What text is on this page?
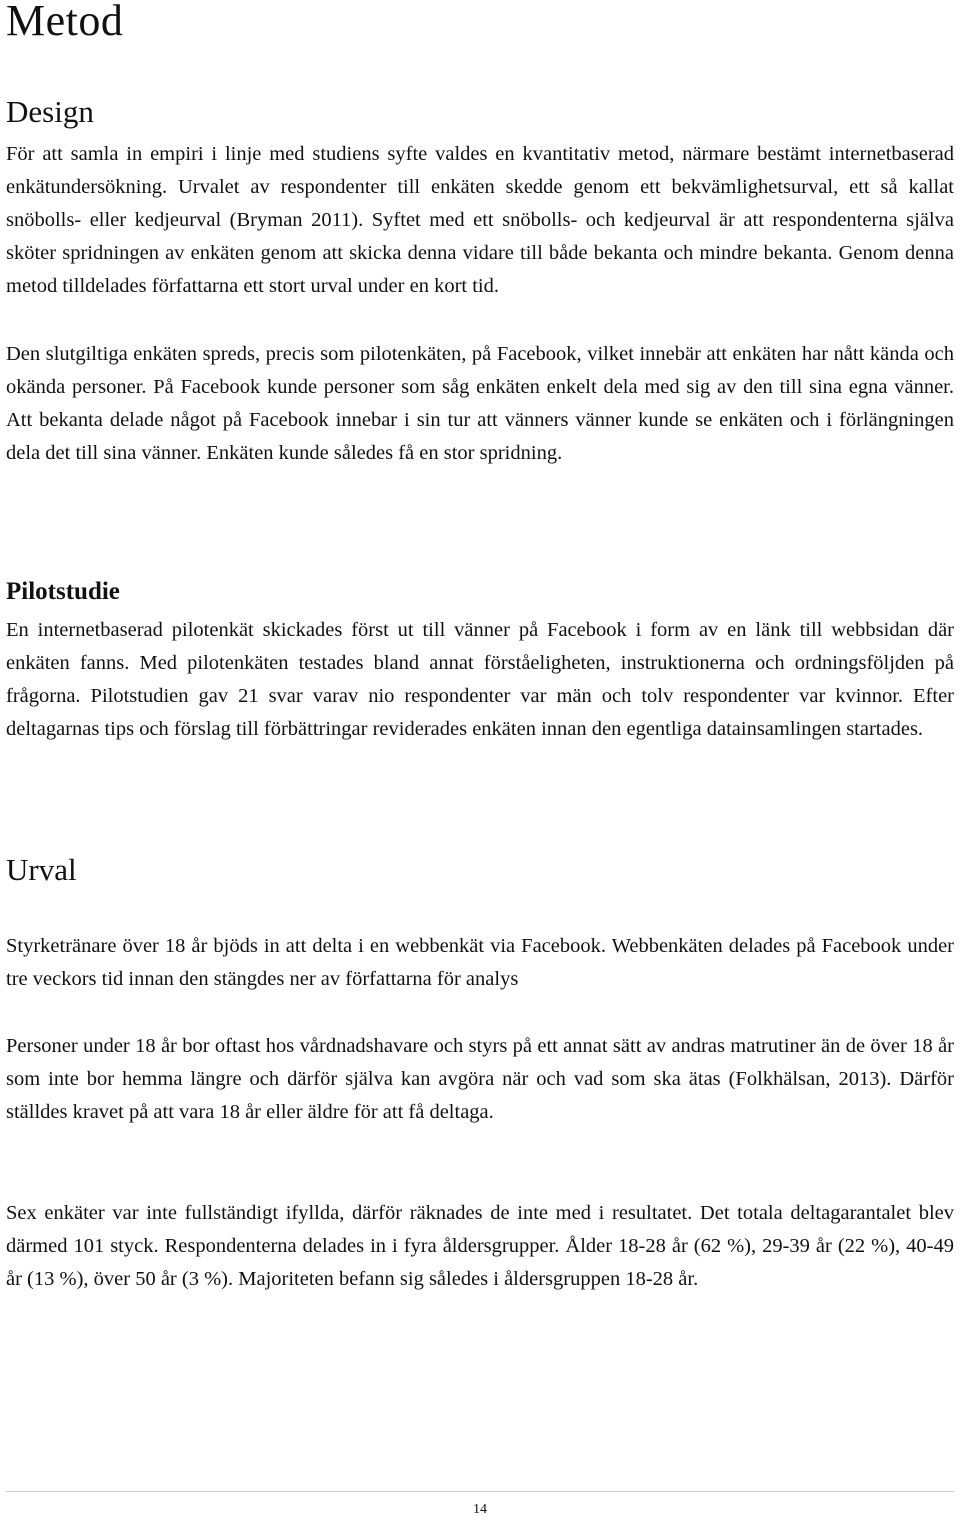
Metod
Design

För att samla in empiri i linje med studiens syfte valdes en kvantitativ metod, närmare bestämt internetbaserad enkätundersökning. Urvalet av respondenter till enkäten skedde genom ett bekvämlighetsurval, ett så kallat snöbolls- eller kedjeurval (Bryman 2011). Syftet med ett snöbolls- och kedjeurval är att respondenterna själva sköter spridningen av enkäten genom att skicka denna vidare till både bekanta och mindre bekanta. Genom denna metod tilldelades författarna ett stort urval under en kort tid.

Den slutgiltiga enkäten spreds, precis som pilotenkäten, på Facebook, vilket innebär att enkäten har nått kända och okända personer. På Facebook kunde personer som såg enkäten enkelt dela med sig av den till sina egna vänner. Att bekanta delade något på Facebook innebar i sin tur att vänners vänner kunde se enkäten och i förlängningen dela det till sina vänner. Enkäten kunde således få en stor spridning.

Pilotstudie

En internetbaserad pilotenkät skickades först ut till vänner på Facebook i form av en länk till webbsidan där enkäten fanns. Med pilotenkäten testades bland annat förståeligheten, instruktionerna och ordningsföljden på frågorna. Pilotstudien gav 21 svar varav nio respondenter var män och tolv respondenter var kvinnor. Efter deltagarnas tips och förslag till förbättringar reviderades enkäten innan den egentliga datainsamlingen startades.

Urval

Styrketränare över 18 år bjöds in att delta i en webbenkät via Facebook. Webbenkäten delades på Facebook under tre veckors tid innan den stängdes ner av författarna för analys

Personer under 18 år bor oftast hos vårdnadshavare och styrs på ett annat sätt av andras matrutiner än de över 18 år som inte bor hemma längre och därför själva kan avgöra när och vad som ska ätas (Folkhälsan, 2013). Därför ställdes kravet på att vara 18 år eller äldre för att få deltaga.

Sex enkäter var inte fullständigt ifyllda, därför räknades de inte med i resultatet. Det totala deltagarantalet blev därmed 101 styck. Respondenterna delades in i fyra åldersgrupper. Ålder 18-28 år (62 %), 29-39 år (22 %), 40-49 år (13 %), över 50 år (3 %). Majoriteten befann sig således i åldersgruppen 18-28 år.

14
